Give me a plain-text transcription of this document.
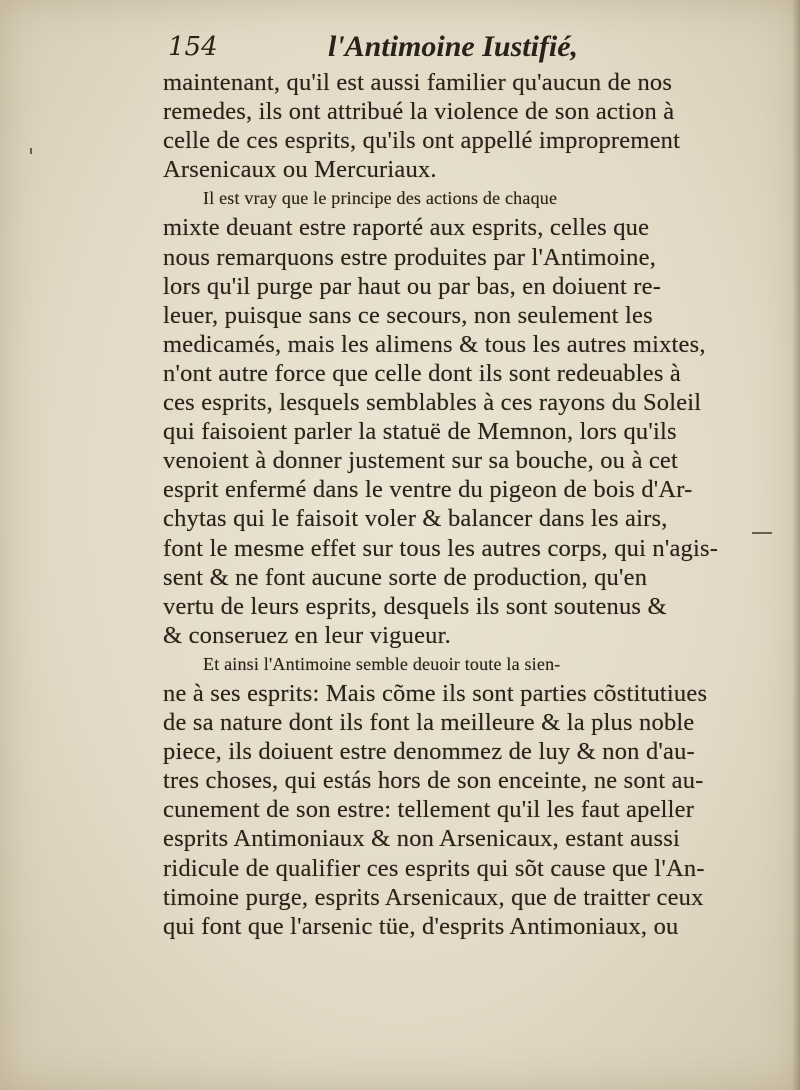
154	l'Antimoine Iustifié,
maintenant, qu'il est aussi familier qu'aucun de nos
remedes, ils ont attribué la violence de son action à
celle de ces esprits, qu'ils ont appellé improprement
Arsenicaux ou Mercuriaux.
Il est vray que le principe des actions de chaque
mixte deuant estre raporté aux esprits, celles que
nous remarquons estre produites par l'Antimoine,
lors qu'il purge par haut ou par bas, en doiuent re-
leuer, puisque sans ce secours, non seulement les
medicamés, mais les alimens & tous les autres mixtes,
n'ont autre force que celle dont ils sont redeuables à
ces esprits, lesquels semblables à ces rayons du Soleil
qui faisoient parler la statuë de Memnon, lors qu'ils
venoient à donner justement sur sa bouche, ou à cet
esprit enfermé dans le ventre du pigeon de bois d'Ar-
chytas qui le faisoit voler & balancer dans les airs,
font le mesme effet sur tous les autres corps, qui n'agis-
sent & ne font aucune sorte de production, qu'en
vertu de leurs esprits, desquels ils sont soutenus &
& conseruez en leur vigueur.
Et ainsi l'Antimoine semble deuoir toute la sien-
ne à ses esprits: Mais cõme ils sont parties cõstitutiues
de sa nature dont ils font la meilleure & la plus noble
piece, ils doiuent estre denommez de luy & non d'au-
tres choses, qui estás hors de son enceinte, ne sont au-
cunement de son estre: tellement qu'il les faut apeller
esprits Antimoniaux & non Arsenicaux, estant aussi
ridicule de qualifier ces esprits qui sõt cause que l'An-
timoine purge, esprits Arsenicaux, que de traitter ceux
qui font que l'arsenic tüe, d'esprits Antimoniaux, ou
